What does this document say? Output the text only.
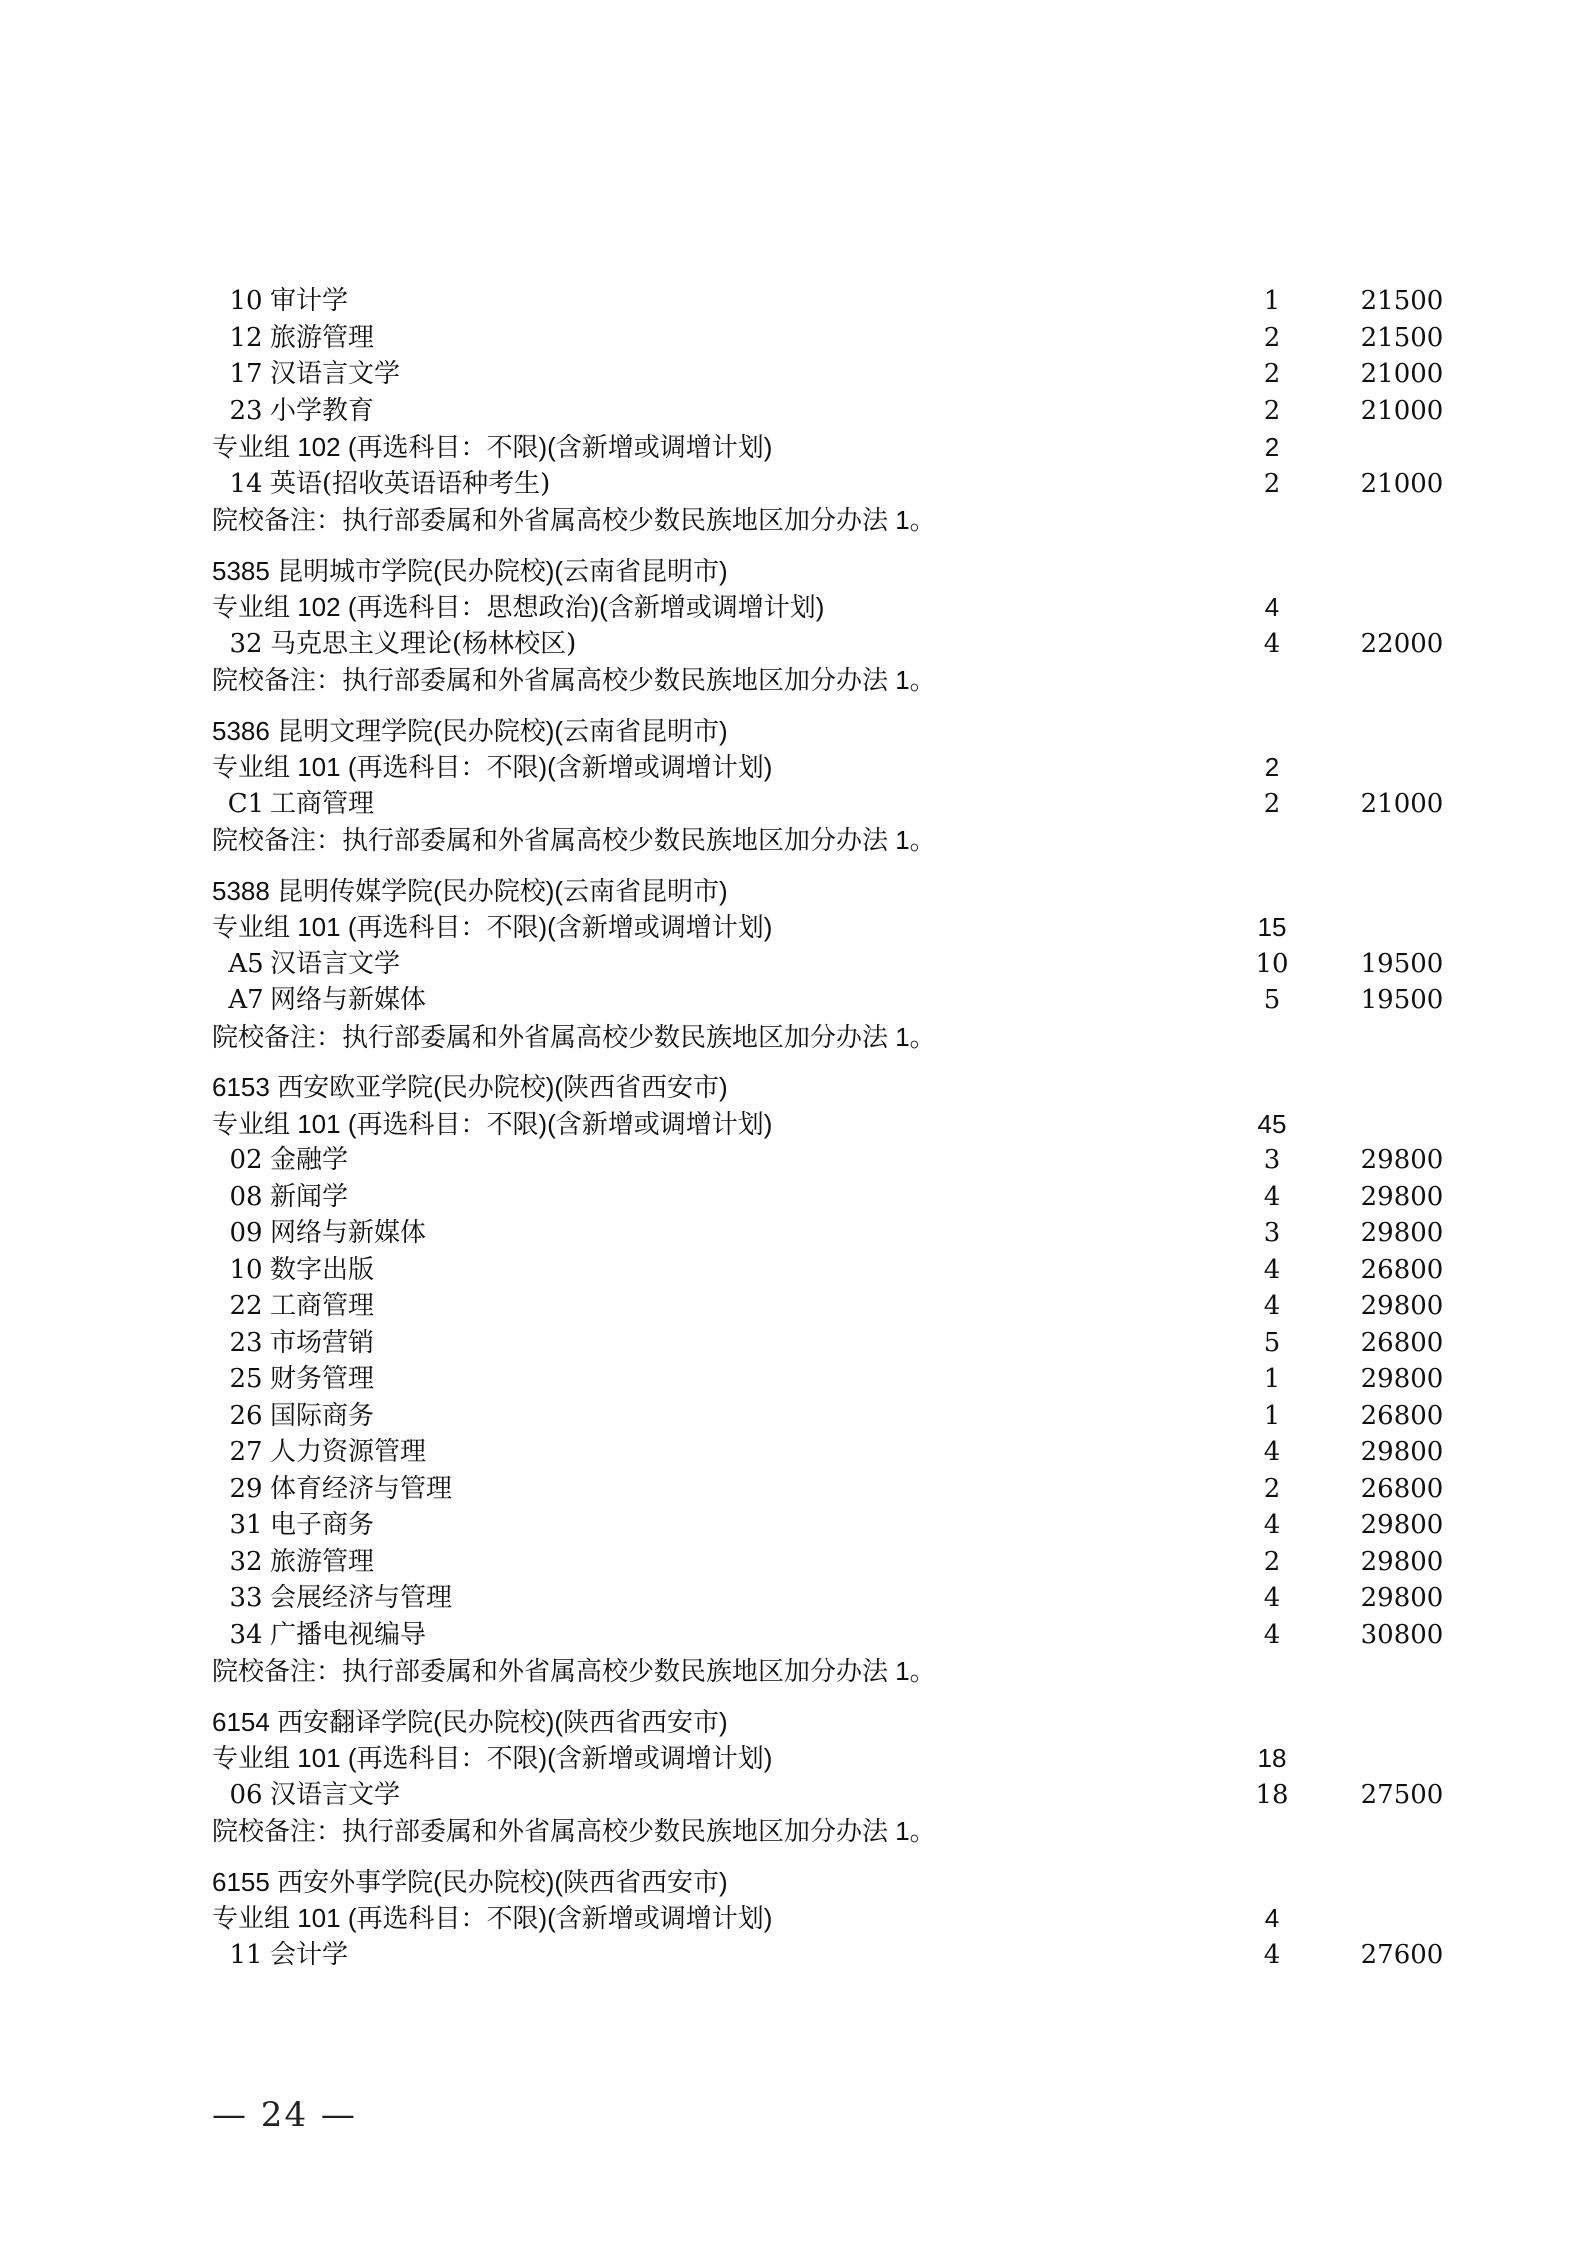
10 审计学	1	21500
12 旅游管理	2	21500
17 汉语言文学	2	21000
23 小学教育	2	21000
专业组 102 (再选科目：不限)(含新增或调增计划)	2
14 英语(招收英语语种考生)	2	21000
院校备注：执行部委属和外省属高校少数民族地区加分办法 1。
5385 昆明城市学院(民办院校)(云南省昆明市)
专业组 102 (再选科目：思想政治)(含新增或调增计划)	4
32 马克思主义理论(杨林校区)	4	22000
院校备注：执行部委属和外省属高校少数民族地区加分办法 1。
5386 昆明文理学院(民办院校)(云南省昆明市)
专业组 101 (再选科目：不限)(含新增或调增计划)	2
C1 工商管理	2	21000
院校备注：执行部委属和外省属高校少数民族地区加分办法 1。
5388 昆明传媒学院(民办院校)(云南省昆明市)
专业组 101 (再选科目：不限)(含新增或调增计划)	15
A5 汉语言文学	10	19500
A7 网络与新媒体	5	19500
院校备注：执行部委属和外省属高校少数民族地区加分办法 1。
6153 西安欧亚学院(民办院校)(陕西省西安市)
专业组 101 (再选科目：不限)(含新增或调增计划)	45
02 金融学	3	29800
08 新闻学	4	29800
09 网络与新媒体	3	29800
10 数字出版	4	26800
22 工商管理	4	29800
23 市场营销	5	26800
25 财务管理	1	29800
26 国际商务	1	26800
27 人力资源管理	4	29800
29 体育经济与管理	2	26800
31 电子商务	4	29800
32 旅游管理	2	29800
33 会展经济与管理	4	29800
34 广播电视编导	4	30800
院校备注：执行部委属和外省属高校少数民族地区加分办法 1。
6154 西安翻译学院(民办院校)(陕西省西安市)
专业组 101 (再选科目：不限)(含新增或调增计划)	18
06 汉语言文学	18	27500
院校备注：执行部委属和外省属高校少数民族地区加分办法 1。
6155 西安外事学院(民办院校)(陕西省西安市)
专业组 101 (再选科目：不限)(含新增或调增计划)	4
11 会计学	4	27600
— 24 —
